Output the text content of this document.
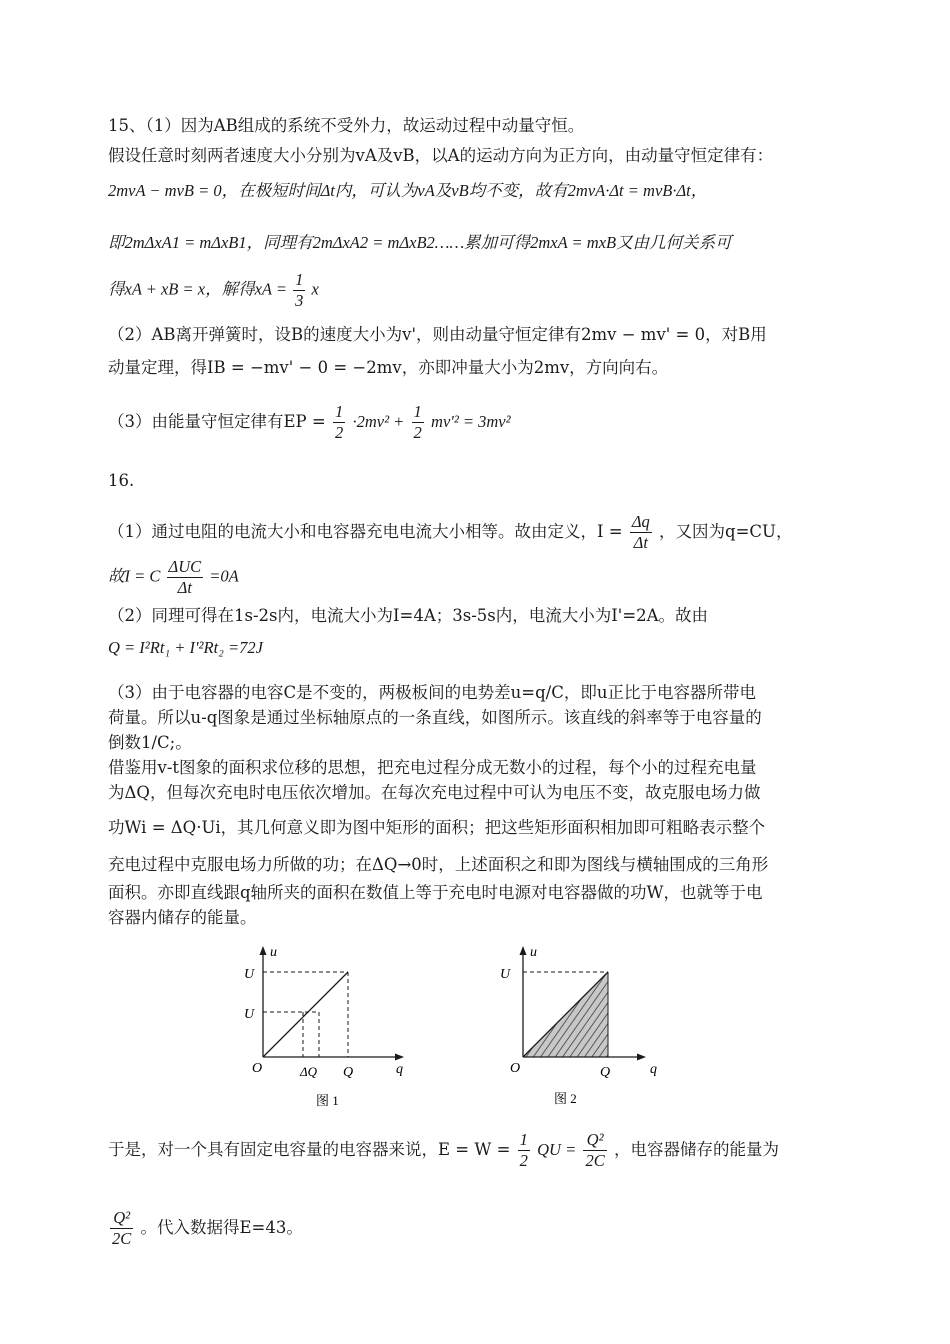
15、（1）因为AB组成的系统不受外力，故运动过程中动量守恒。
假设任意时刻两者速度大小分别为vA及vB，以A的运动方向为正方向，由动量守恒定律有：
2mvA − mvB = 0，在极短时间Δt内，可认为vA及vB均不变，故有2mvA·Δt = mvB·Δt，
即2mΔxA1 = mΔxB1，同理有2mΔxA2 = mΔxB2……累加可得2mxA = mxB又由几何关系可
得xA + xB = x，解得xA = $\frac{1}{3}$ x
（2）AB离开弹簧时，设B的速度大小为v'，则由动量守恒定律有2mv − mv' = 0，对B用
动量定理，得IB = −mv' − 0 = −2mv，亦即冲量大小为2mv，方向向右。
（3）由能量守恒定律有EP = $\frac{1}{2} \cdot 2mv^2 + \frac{1}{2} mv'^2 = 3mv^2$
16.
（1）通过电阻的电流大小和电容器充电电流大小相等。故由定义，$I = \frac{\Delta q}{\Delta t}$ ，又因为q=CU，
故I = C $\frac{\text{ΔUC}}{\Delta t} =0A$
（2）同理可得在1s-2s内，电流大小为I=4A；3s-5s内，电流大小为I'=2A。故由
Q = I²Rt₁ + I'²Rt₂ =72J
（3）由于电容器的电容C是不变的，两极板间的电势差u=q/C，即u正比于电容器所带电
荷量。所以u-q图象是通过坐标轴原点的一条直线，如图所示。该直线的斜率等于电容量的
倒数1/C;。
借鉴用v-t图象的面积求位移的思想，把充电过程分成无数小的过程，每个小的过程充电量
为ΔQ，但每次充电时电压依次增加。在每次充电过程中可认为电压不变，故克服电场力做
功Wi = ΔQ·Ui，其几何意义即为图中矩形的面积；把这些矩形面积相加即可粗略表示整个
充电过程中克服电场力所做的功；在ΔQ→0时，上述面积之和即为图线与横轴围成的三角形
面积。亦即直线跟q轴所夹的面积在数值上等于充电时电源对电容器做的功W，也就等于电
容器内储存的能量。
u
q
O
U
U
ΔQ Q
图 1
u
q
O
U
Q
图 2
于是，对一个具有固定电容量的电容器来说，$E = W = \frac{1}{2}$ QU = $\frac{\text{Q²}}{2C}$ ，电容器储存的能量为
$\frac{\text{Q²}}{2C}$ 。代入数据得E=43。
